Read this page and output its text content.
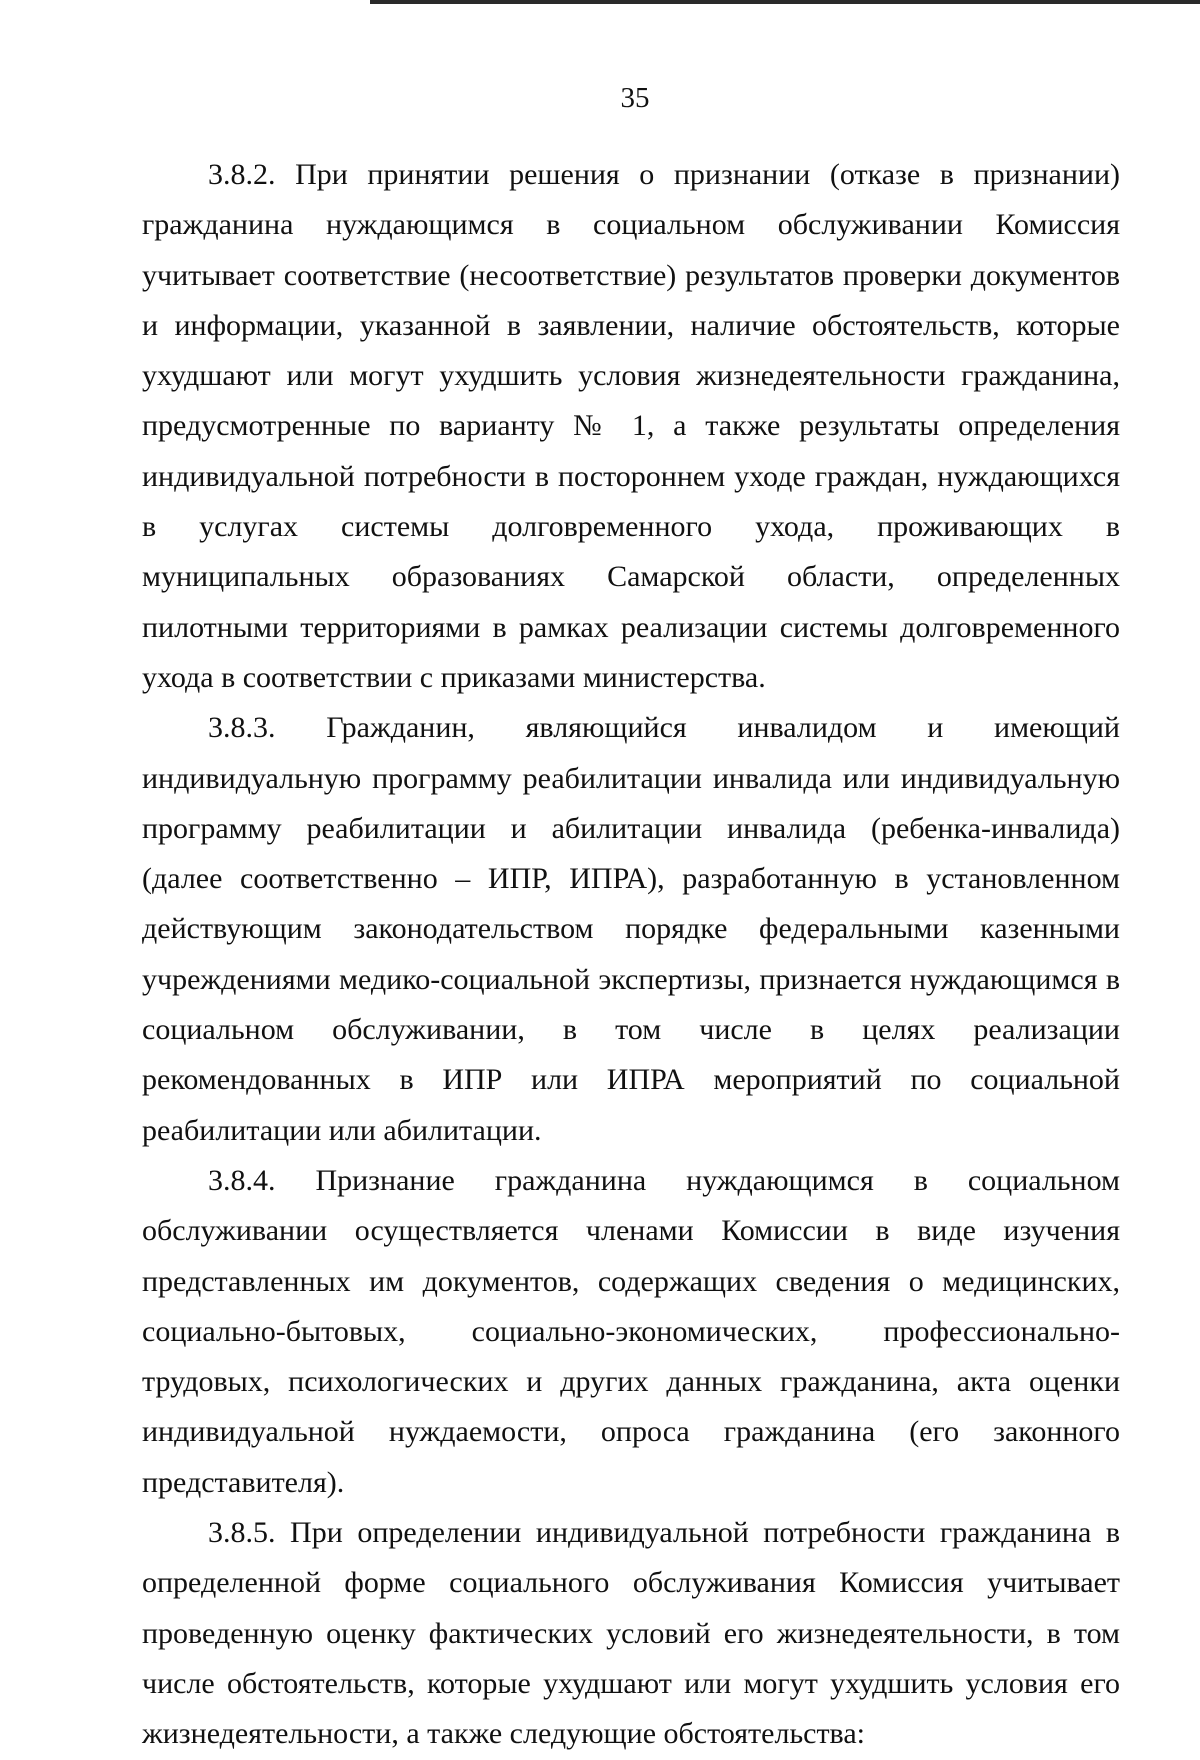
35

3.8.2. При принятии решения о признании (отказе в признании) гражданина нуждающимся в социальном обслуживании Комиссия учитывает соответствие (несоответствие) результатов проверки документов и информации, указанной в заявлении, наличие обстоятельств, которые ухудшают или могут ухудшить условия жизнедеятельности гражданина, предусмотренные по варианту № 1, а также результаты определения индивидуальной потребности в постороннем уходе граждан, нуждающихся в услугах системы долговременного ухода, проживающих в муниципальных образованиях Самарской области, определенных пилотными территориями в рамках реализации системы долговременного ухода в соответствии с приказами министерства.

3.8.3. Гражданин, являющийся инвалидом и имеющий индивидуальную программу реабилитации инвалида или индивидуальную программу реабилитации и абилитации инвалида (ребенка-инвалида) (далее соответственно – ИПР, ИПРА), разработанную в установленном действующим законодательством порядке федеральными казенными учреждениями медико-социальной экспертизы, признается нуждающимся в социальном обслуживании, в том числе в целях реализации рекомендованных в ИПР или ИПРА мероприятий по социальной реабилитации или абилитации.

3.8.4. Признание гражданина нуждающимся в социальном обслуживании осуществляется членами Комиссии в виде изучения представленных им документов, содержащих сведения о медицинских, социально-бытовых, социально-экономических, профессионально-трудовых, психологических и других данных гражданина, акта оценки индивидуальной нуждаемости, опроса гражданина (его законного представителя).

3.8.5. При определении индивидуальной потребности гражданина в определенной форме социального обслуживания Комиссия учитывает проведенную оценку фактических условий его жизнедеятельности, в том числе обстоятельств, которые ухудшают или могут ухудшить условия его жизнедеятельности, а также следующие обстоятельства:
